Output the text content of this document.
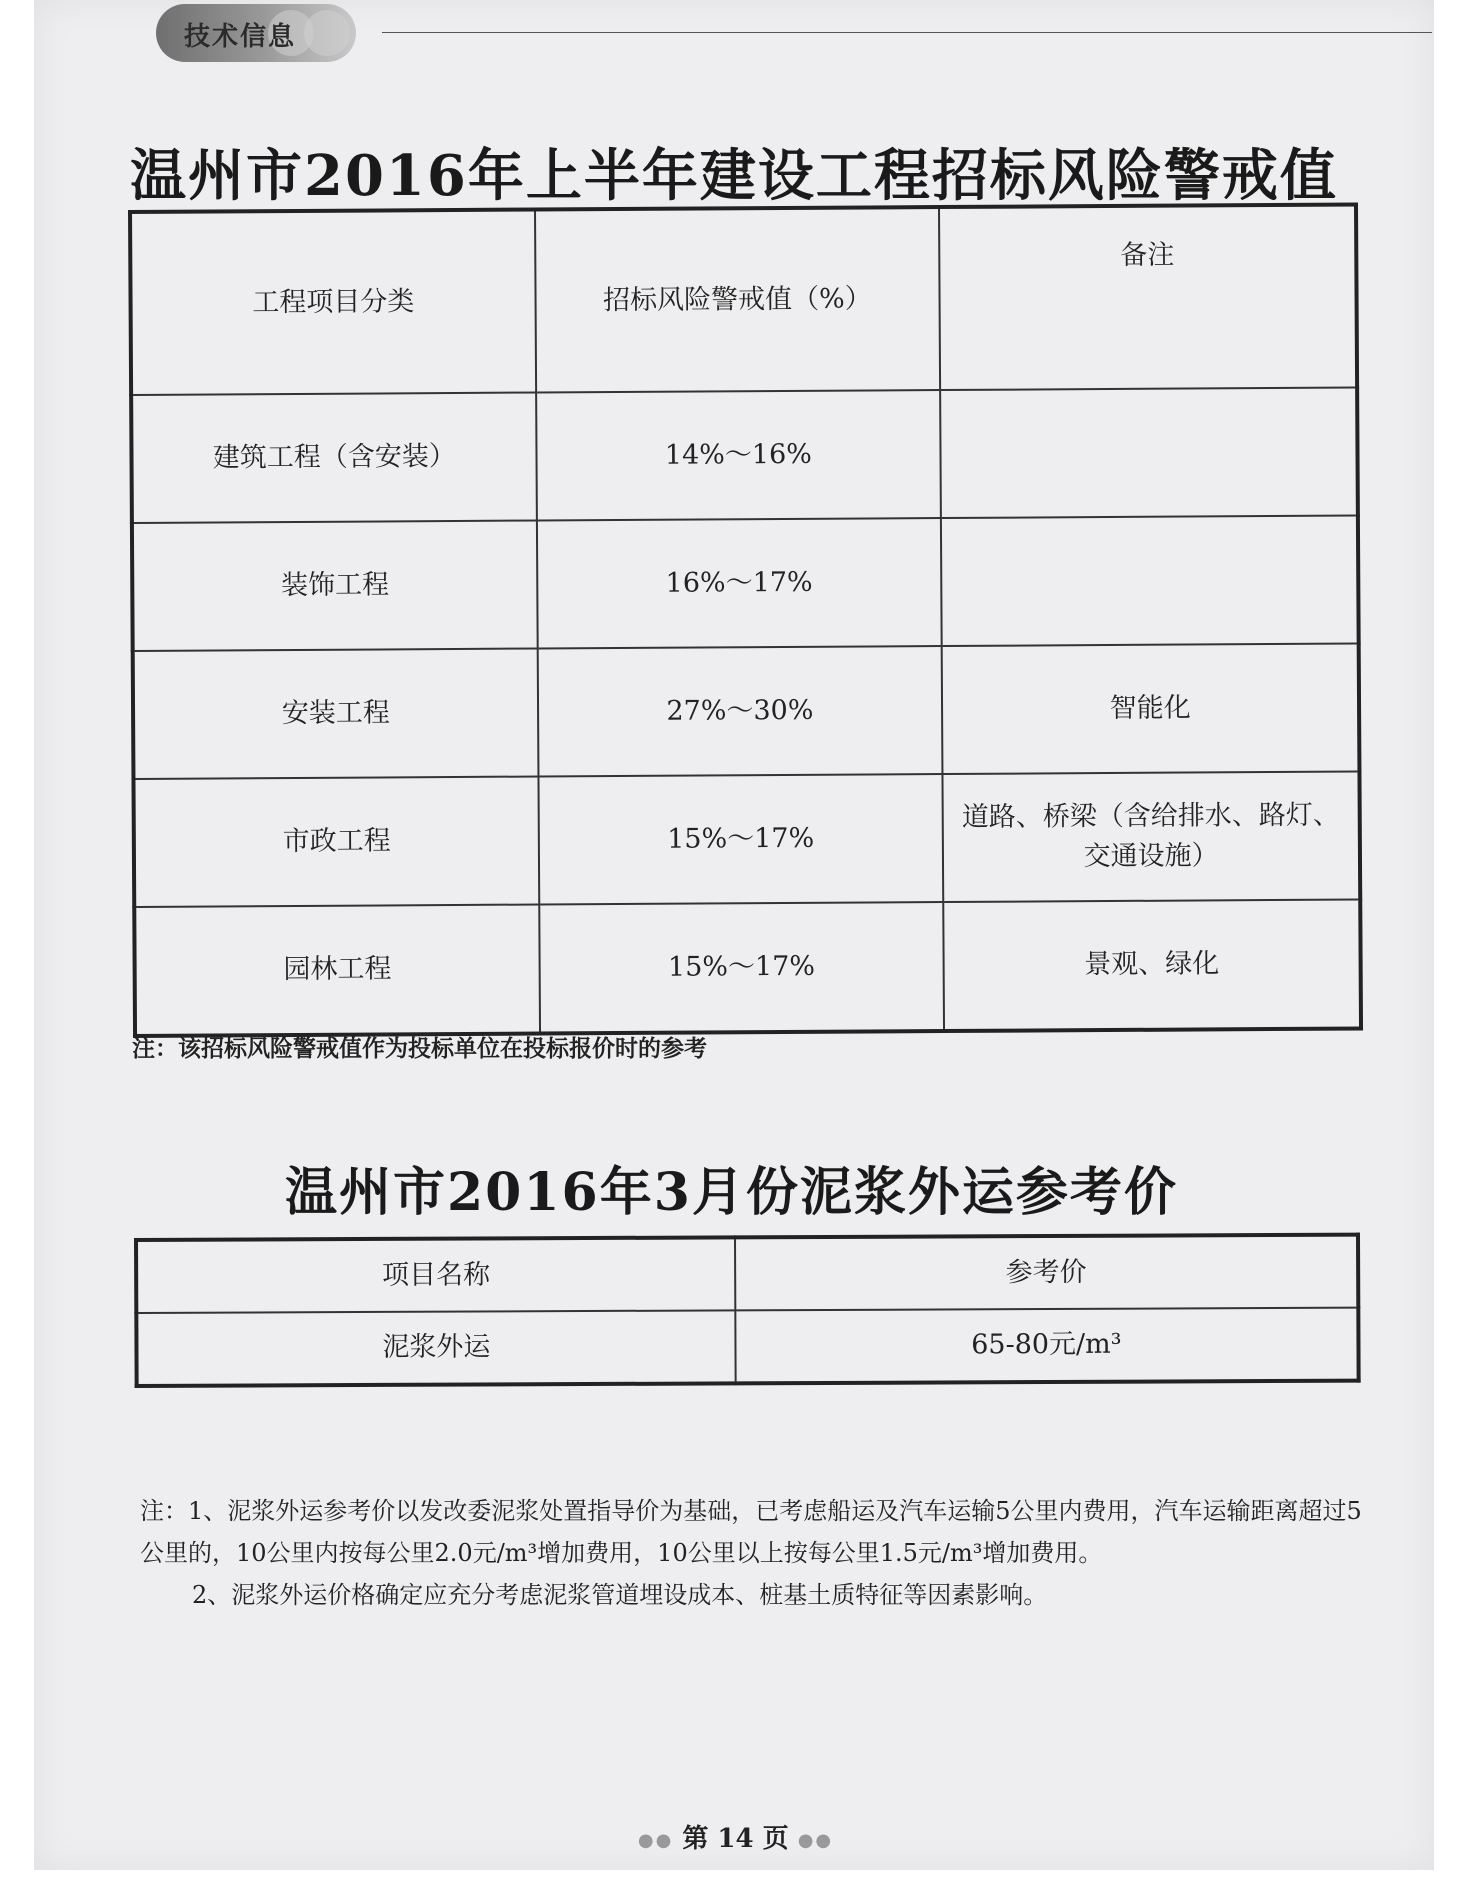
技术信息
温州市2016年上半年建设工程招标风险警戒值
工程项目分类	招标风险警戒值（%）	备注
建筑工程（含安装）	14%～16%	
装饰工程	16%～17%	
安装工程	27%～30%	智能化
市政工程	15%～17%	道路、桥梁（含给排水、路灯、交通设施）
园林工程	15%～17%	景观、绿化
注：该招标风险警戒值作为投标单位在投标报价时的参考
温州市2016年3月份泥浆外运参考价
项目名称	参考价
泥浆外运	65-80元/m³

注：1、泥浆外运参考价以发改委泥浆处置指导价为基础，已考虑船运及汽车运输5公里内费用，汽车运输距离超过5公里的，10公里内按每公里2.0元/m³增加费用，10公里以上按每公里1.5元/m³增加费用。

2、泥浆外运价格确定应充分考虑泥浆管道埋设成本、桩基土质特征等因素影响。

●● 第 14 页 ●●
